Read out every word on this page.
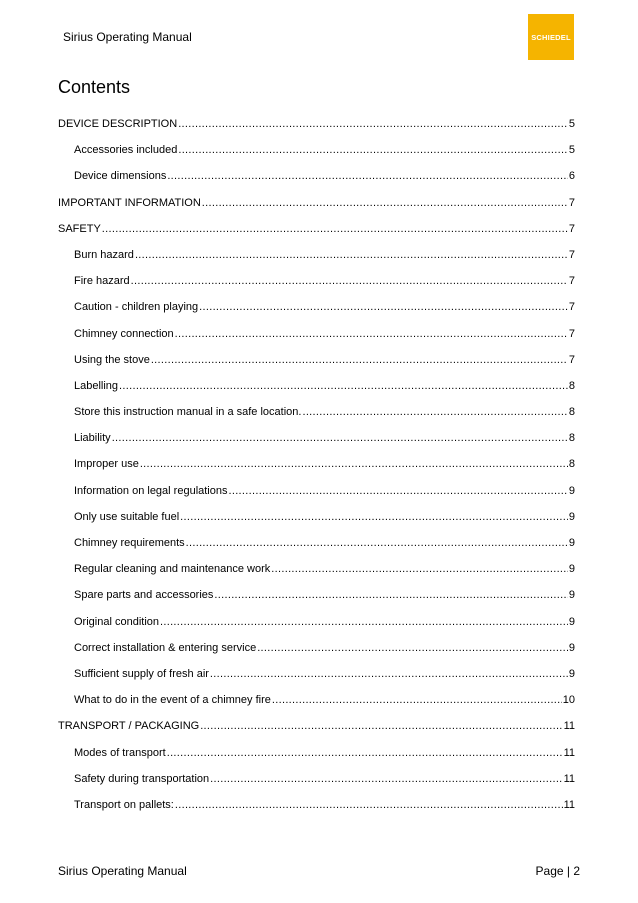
Sirius Operating Manual	SCHIEDEL
Contents
DEVICE DESCRIPTION .....	5
Accessories included .....	5
Device dimensions .....	6
IMPORTANT INFORMATION .....	7
SAFETY .....	7
Burn hazard .....	7
Fire hazard .....	7
Caution - children playing .....	7
Chimney connection .....	7
Using the stove .....	7
Labelling .....	8
Store this instruction manual in a safe location. .....	8
Liability .....	8
Improper use .....	8
Information on legal regulations .....	9
Only use suitable fuel .....	9
Chimney requirements .....	9
Regular cleaning and maintenance work .....	9
Spare parts and accessories .....	9
Original condition .....	9
Correct installation & entering service .....	9
Sufficient supply of fresh air .....	9
What to do in the event of a chimney fire .....	10
TRANSPORT / PACKAGING .....	11
Modes of transport .....	11
Safety during transportation .....	11
Transport on pallets: .....	11
Sirius Operating Manual	Page | 2
